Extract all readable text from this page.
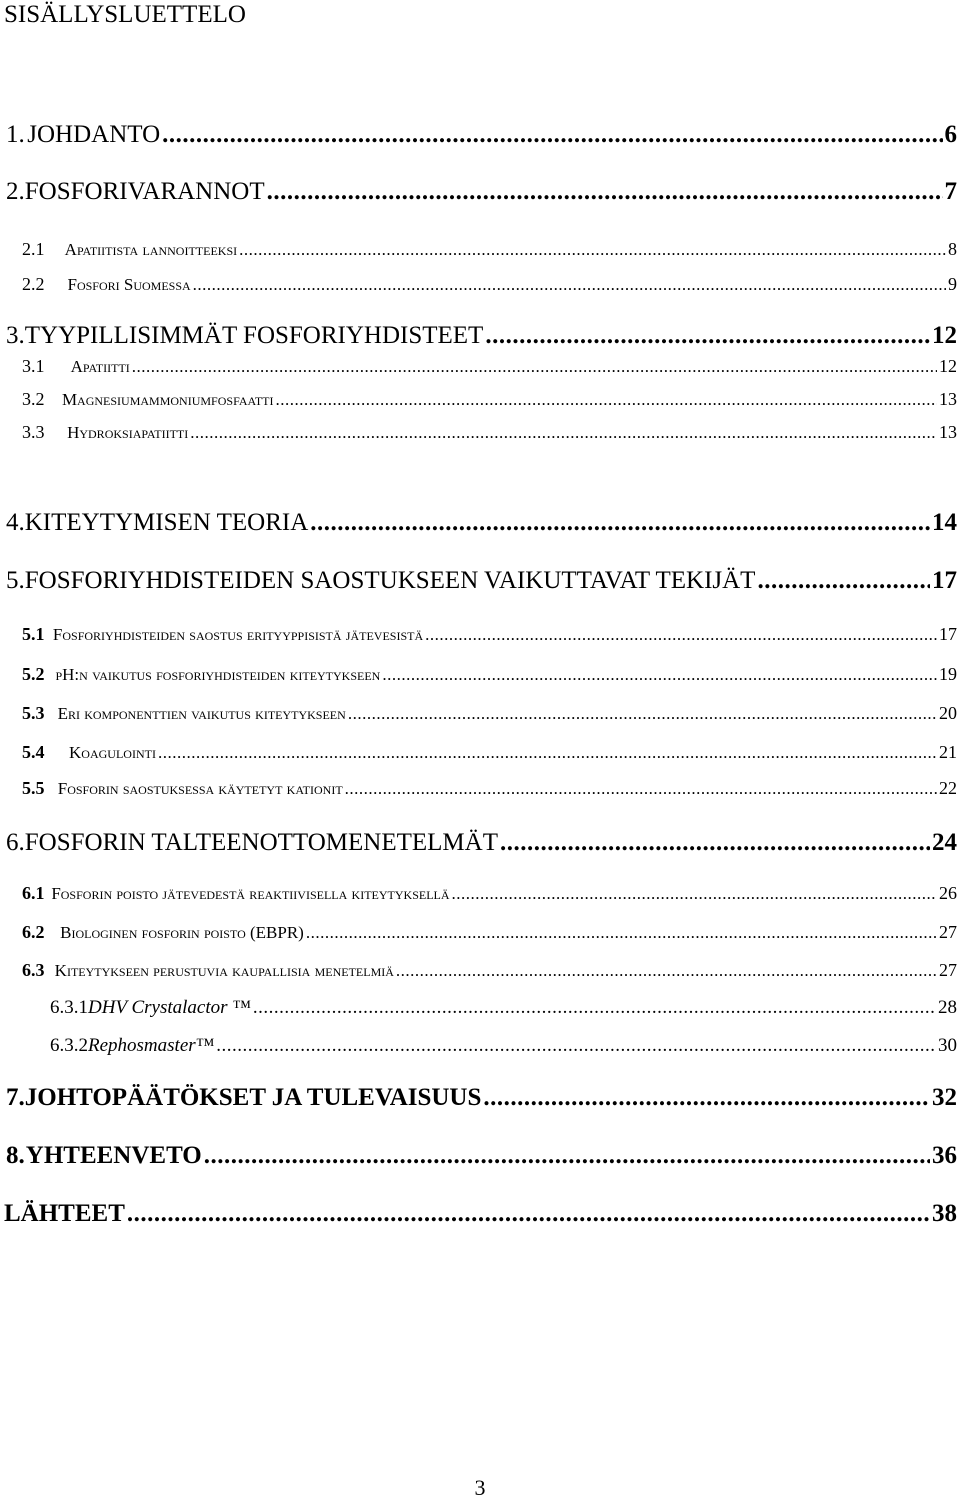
SISÄLLYSLUETTELO
1. JOHDANTO .....	6
2. FOSFORIVARANNOT .....	7
2.1	Apatiitista lannoitteeksi .....	8
2.2	Fosfori Suomessa .....	9
3. TYYPILLISIMMÄT FOSFORIYHDISTEET .....	12
3.1	Apatiitti .....	12
3.2	Magnesiumammoniumfosfaatti .....	13
3.3	Hydroksiapatiitti .....	13
4. KITEYTYMISEN TEORIA .....	14
5. FOSFORIYHDISTEIDEN SAOSTUKSEEN VAIKUTTAVAT TEKIJÄT .....	17
5.1 Fosforiyhdisteiden saostus erityyppisistä jätevesistä .....	17
5.2 pH:n vaikutus fosforiyhdisteiden kiteytykseen .....	19
5.3 Eri komponenttien vaikutus kiteytykseen .....	20
5.4	Koagulointi .....	21
5.5 Fosforin saostuksessa käytetyt kationit .....	22
6. FOSFORIN TALTEENOTTOMENETELMÄT .....	24
6.1 Fosforin poisto jätevedestä reaktiivisella kiteytyksellä .....	26
6.2 Biologinen fosforin poisto (EBPR) .....	27
6.3 Kiteytykseen perustuvia kaupallisia menetelmiä .....	27
6.3.1 DHV Crystalactor ™ .....	28
6.3.2 Rephosmaster™ .....	30
7. JOHTOPÄÄTÖKSET JA TULEVAISUUS .....	32
8. YHTEENVETO .....	36
LÄHTEET .....	38
3
